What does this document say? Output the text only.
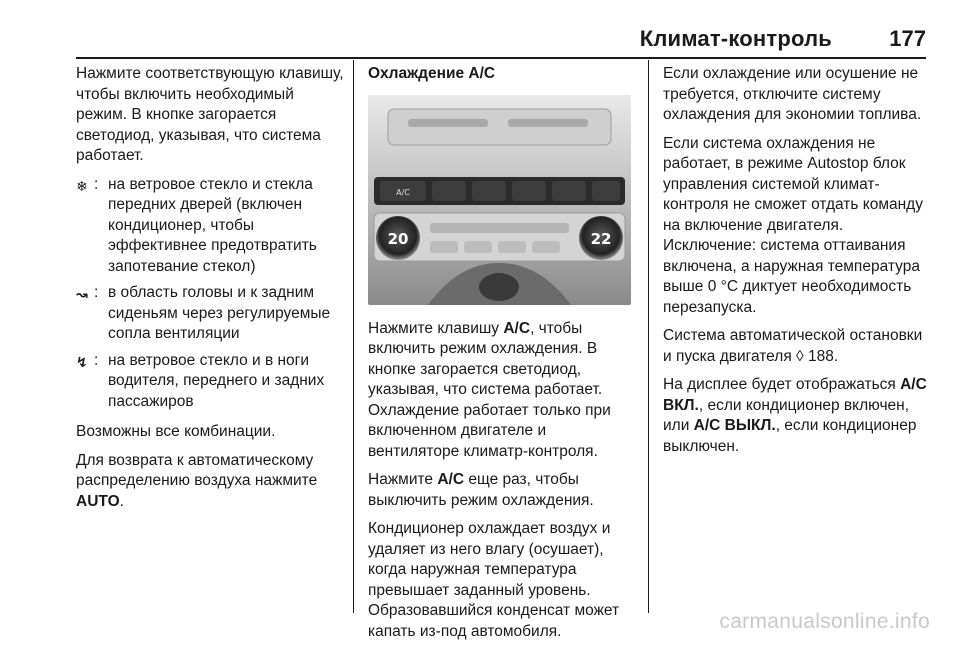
Климат-контроль	177

Нажмите соответствующую клавишу, чтобы включить необходимый режим. В кнопке загорается светодиод, указывая, что система работает.

❄︎ : на ветровое стекло и стекла передних дверей (включен кондиционер, чтобы эффективнее предотвратить запотевание стекол)
↝ : в область головы и к задним сиденьям через регулируемые сопла вентиляции
↯ : на ветровое стекло и в ноги водителя, переднего и задних пассажиров

Возможны все комбинации.

Для возврата к автоматическому распределению воздуха нажмите AUTO.

Охлаждение A/C
A/C
20	22

Нажмите клавишу A/C, чтобы включить режим охлаждения. В кнопке загорается светодиод, указывая, что система работает. Охлаждение работает только при включенном двигателе и вентиляторе климатр-контроля.

Нажмите A/C еще раз, чтобы выключить режим охлаждения.

Кондиционер охлаждает воздух и удаляет из него влагу (осушает), когда наружная температура превышает заданный уровень. Образовавшийся конденсат может капать из-под автомобиля.

Если охлаждение или осушение не требуется, отключите систему охлаждения для экономии топлива.

Если система охлаждения не работает, в режиме Autostop блок управления системой климат-контроля не сможет отдать команду на включение двигателя. Исключение: система оттаивания включена, а наружная температура выше 0 °С диктует необходимость перезапуска.

Система автоматической остановки и пуска двигателя ◊ 188.

На дисплее будет отображаться A/C ВКЛ., если кондиционер включен, или A/C ВЫКЛ., если кондиционер выключен.

carmanualsonline.info
